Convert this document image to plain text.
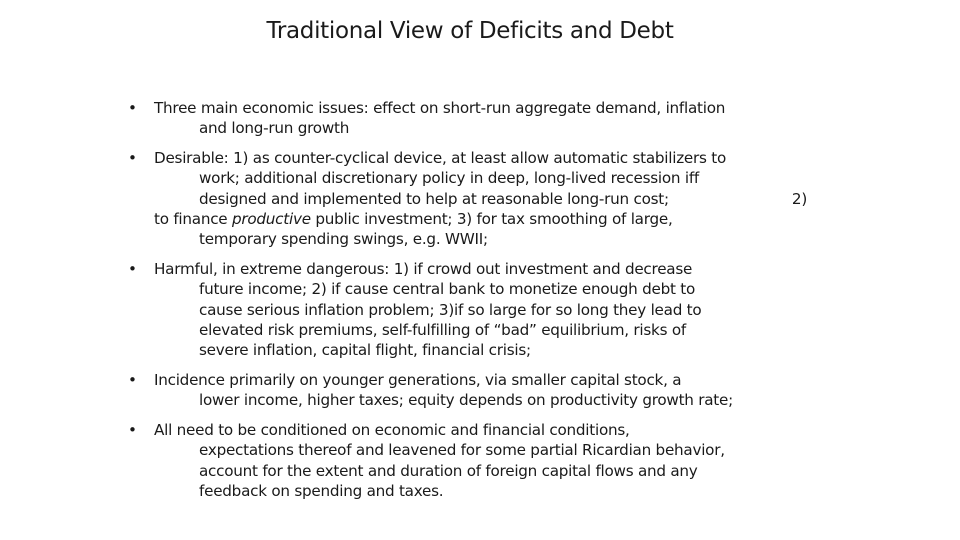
Traditional View of Deficits and Debt
• Three main economic issues: effect on short-run aggregate demand, inflation
and long-run growth
• Desirable: 1) as counter-cyclical device, at least allow automatic stabilizers to
work; additional discretionary policy in deep, long-lived recession iff
designed and implemented to help at reasonable long-run cost;	2)
to finance productive public investment; 3) for tax smoothing of large,
temporary spending swings, e.g. WWII;
• Harmful, in extreme dangerous: 1) if crowd out investment and decrease
future income; 2) if cause central bank to monetize enough debt to
cause serious inflation problem; 3)if so large for so long they lead to
elevated risk premiums, self-fulfilling of “bad” equilibrium, risks of
severe inflation, capital flight, financial crisis;
• Incidence primarily on younger generations, via smaller capital stock, a
lower income, higher taxes; equity depends on productivity growth rate;
• All need to be conditioned on economic and financial conditions,
expectations thereof and leavened for some partial Ricardian behavior,
account for the extent and duration of foreign capital flows and any
feedback on spending and taxes.
